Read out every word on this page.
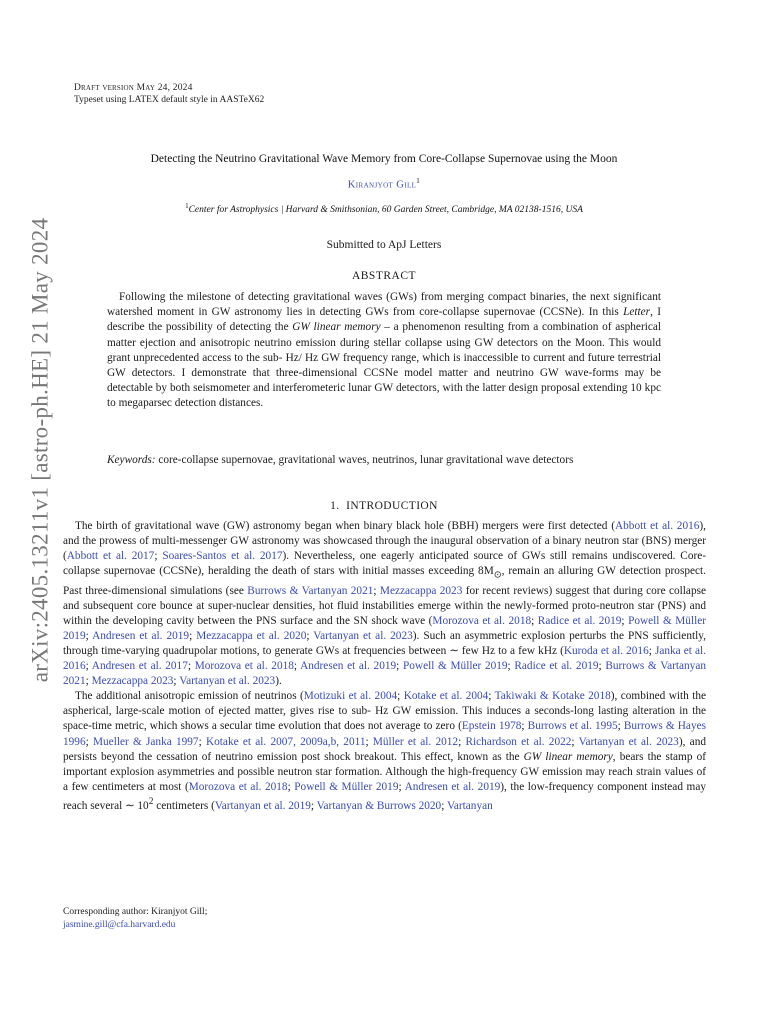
arXiv:2405.13211v1 [astro-ph.HE] 21 May 2024
Draft version May 24, 2024
Typeset using LATEX default style in AASTeX62
Detecting the Neutrino Gravitational Wave Memory from Core-Collapse Supernovae using the Moon
Kiranjyot Gill$^1$
$^1$Center for Astrophysics | Harvard & Smithsonian, 60 Garden Street, Cambridge, MA 02138-1516, USA
Submitted to ApJ Letters
ABSTRACT
Following the milestone of detecting gravitational waves (GWs) from merging compact binaries, the next significant watershed moment in GW astronomy lies in detecting GWs from core-collapse supernovae (CCSNe). In this Letter, I describe the possibility of detecting the GW linear memory – a phenomenon resulting from a combination of aspherical matter ejection and anisotropic neutrino emission during stellar collapse using GW detectors on the Moon. This would grant unprecedented access to the sub- Hz/ Hz GW frequency range, which is inaccessible to current and future terrestrial GW detectors. I demonstrate that three-dimensional CCSNe model matter and neutrino GW wave-forms may be detectable by both seismometer and interferometeric lunar GW detectors, with the latter design proposal extending 10 kpc to megaparsec detection distances.
Keywords: core-collapse supernovae, gravitational waves, neutrinos, lunar gravitational wave detectors
1. INTRODUCTION

The birth of gravitational wave (GW) astronomy began when binary black hole (BBH) mergers were first detected (Abbott et al. 2016), and the prowess of multi-messenger GW astronomy was showcased through the inaugural observation of a binary neutron star (BNS) merger (Abbott et al. 2017; Soares-Santos et al. 2017). Nevertheless, one eagerly anticipated source of GWs still remains undiscovered. Core-collapse supernovae (CCSNe), heralding the death of stars with initial masses exceeding $8M_⊙$, remain an alluring GW detection prospect. Past three-dimensional simulations (see Burrows & Vartanyan 2021; Mezzacappa 2023 for recent reviews) suggest that during core collapse and subsequent core bounce at super-nuclear densities, hot fluid instabilities emerge within the newly-formed proto-neutron star (PNS) and within the developing cavity between the PNS surface and the SN shock wave (Morozova et al. 2018; Radice et al. 2019; Powell & Müller 2019; Andresen et al. 2019; Mezzacappa et al. 2020; Vartanyan et al. 2023). Such an asymmetric explosion perturbs the PNS sufficiently, through time-varying quadrupolar motions, to generate GWs at frequencies between ∼ few Hz to a few kHz (Kuroda et al. 2016; Janka et al. 2016; Andresen et al. 2017; Morozova et al. 2018; Andresen et al. 2019; Powell & Müller 2019; Radice et al. 2019; Burrows & Vartanyan 2021; Mezzacappa 2023; Vartanyan et al. 2023).

The additional anisotropic emission of neutrinos (Motizuki et al. 2004; Kotake et al. 2004; Takiwaki & Kotake 2018), combined with the aspherical, large-scale motion of ejected matter, gives rise to sub- Hz GW emission. This induces a seconds-long lasting alteration in the space-time metric, which shows a secular time evolution that does not average to zero (Epstein 1978; Burrows et al. 1995; Burrows & Hayes 1996; Mueller & Janka 1997; Kotake et al. 2007, 2009a,b, 2011; Müller et al. 2012; Richardson et al. 2022; Vartanyan et al. 2023), and persists beyond the cessation of neutrino emission post shock breakout. This effect, known as the GW linear memory, bears the stamp of important explosion asymmetries and possible neutron star formation. Although the high-frequency GW emission may reach strain values of a few centimeters at most (Morozova et al. 2018; Powell & Müller 2019; Andresen et al. 2019), the low-frequency component instead may reach several ∼ $10^2$ centimeters (Vartanyan et al. 2019; Vartanyan & Burrows 2020; Vartanyan

Corresponding author: Kiranjyot Gill;
jasmine.gill@cfa.harvard.edu
